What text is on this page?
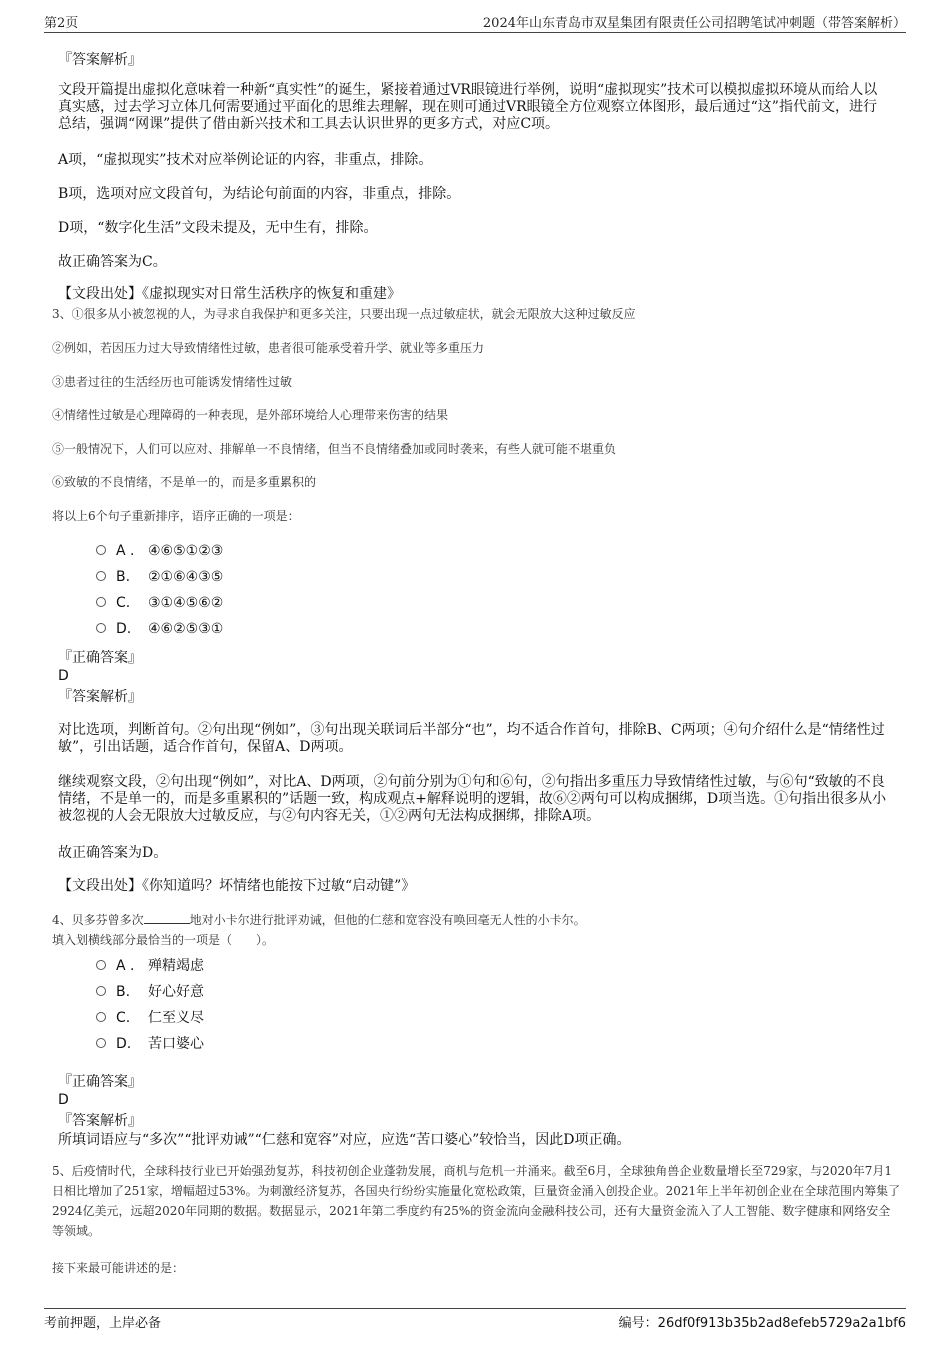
第2页	2024年山东青岛市双星集团有限责任公司招聘笔试冲刺题（带答案解析）
『答案解析』
文段开篇提出虚拟化意味着一种新“真实性”的诞生，紧接着通过VR眼镜进行举例，说明“虚拟现实”技术可以模拟虚拟环境从而给人以真实感，过去学习立体几何需要通过平面化的思维去理解，现在则可通过VR眼镜全方位观察立体图形，最后通过“这”指代前文，进行总结，强调“网课”提供了借由新兴技术和工具去认识世界的更多方式，对应C项。
A项，“虚拟现实”技术对应举例论证的内容，非重点，排除。
B项，选项对应文段首句，为结论句前面的内容，非重点，排除。
D项，“数字化生活”文段未提及，无中生有，排除。
故正确答案为C。
【文段出处】《虚拟现实对日常生活秩序的恢复和重建》
3、①很多从小被忽视的人，为寻求自我保护和更多关注，只要出现一点过敏症状，就会无限放大这种过敏反应
②例如，若因压力过大导致情绪性过敏，患者很可能承受着升学、就业等多重压力
③患者过往的生活经历也可能诱发情绪性过敏
④情绪性过敏是心理障碍的一种表现，是外部环境给人心理带来伤害的结果
⑤一般情况下，人们可以应对、排解单一不良情绪，但当不良情绪叠加或同时袭来，有些人就可能不堪重负
⑥致敏的不良情绪，不是单一的，而是多重累积的
将以上6个句子重新排序，语序正确的一项是：
A . ④⑥⑤①②③
B. ②①⑥④③⑤
C. ③①④⑤⑥②
D. ④⑥②⑤③①
『正确答案』
D
『答案解析』
对比选项，判断首句。②句出现“例如”，③句出现关联词后半部分“也”，均不适合作首句，排除B、C两项；④句介绍什么是“情绪性过敏”，引出话题，适合作首句，保留A、D两项。
继续观察文段，②句出现“例如”，对比A、D两项，②句前分别为①句和⑥句，②句指出多重压力导致情绪性过敏，与⑥句“致敏的不良情绪，不是单一的，而是多重累积的”话题一致，构成观点+解释说明的逻辑，故⑥②两句可以构成捆绑，D项当选。①句指出很多从小被忽视的人会无限放大过敏反应，与②句内容无关，①②两句无法构成捆绑，排除A项。
故正确答案为D。
【文段出处】《你知道吗？坏情绪也能按下过敏“启动键”》
4、贝多芬曾多次	地对小卡尔进行批评劝诫，但他的仁慈和宽容没有唤回毫无人性的小卡尔。
填入划横线部分最恰当的一项是（　　）。
A . 殚精竭虑
B. 好心好意
C. 仁至义尽
D. 苦口婆心
『正确答案』
D
『答案解析』
所填词语应与“多次”“批评劝诫”“仁慈和宽容”对应，应选“苦口婆心”较恰当，因此D项正确。
5、后疫情时代，全球科技行业已开始强劲复苏，科技初创企业蓬勃发展，商机与危机一并涌来。截至6月，全球独角兽企业数量增长至729家，与2020年7月1日相比增加了251家，增幅超过53%。为刺激经济复苏，各国央行纷纷实施量化宽松政策，巨量资金涌入创投企业。2021年上半年初创企业在全球范围内筹集了2924亿美元，远超2020年同期的数据。数据显示，2021年第二季度约有25%的资金流向金融科技公司，还有大量资金流入了人工智能、数字健康和网络安全等领域。
接下来最可能讲述的是：
考前押题，上岸必备	编号：26df0f913b35b2ad8efeb5729a2a1bf6
